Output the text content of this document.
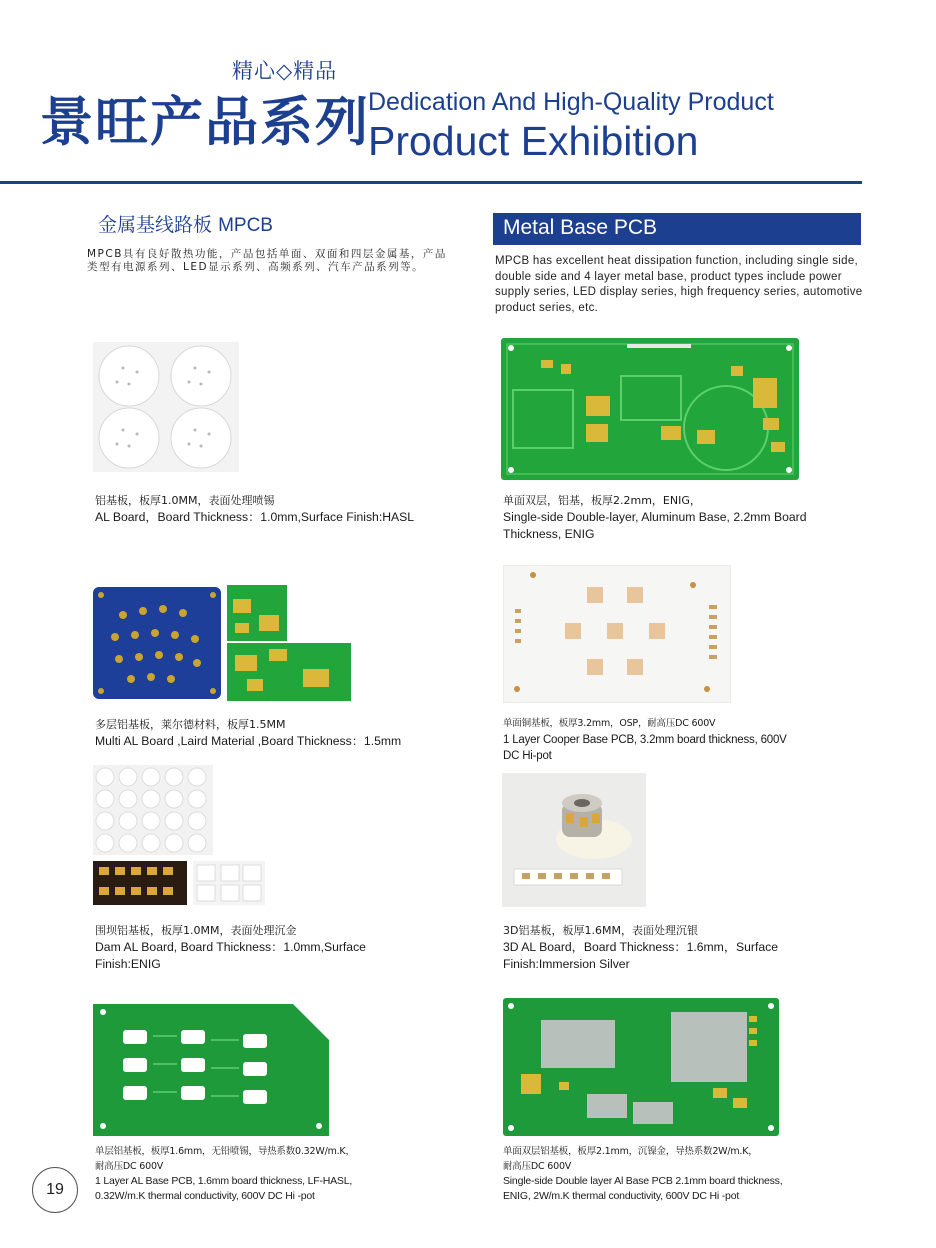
精心◇精品
景旺产品系列
Dedication And High-Quality Product
Product Exhibition
金属基线路板 MPCB
MPCB具有良好散热功能，产品包括单面、双面和四层金属基，产品类型有电源系列、LED显示系列、高频系列、汽车产品系列等。
Metal Base PCB
MPCB has excellent heat dissipation function, including single side, double side and 4 layer metal base, product types include power supply series, LED display series, high frequency series, automotive product series, etc.
铝基板，板厚1.0MM，表面处理喷锡
AL Board，Board Thickness：1.0mm,Surface Finish:HASL
单面双层，铝基，板厚2.2mm，ENIG，
Single-side Double-layer, Aluminum Base, 2.2mm Board Thickness, ENIG
多层铝基板，莱尔德材料，板厚1.5MM
Multi AL Board ,Laird Material ,Board Thickness：1.5mm
单面铜基板，板厚3.2mm，OSP，耐高压DC 600V
1 Layer Cooper Base PCB, 3.2mm board thickness, 600V DC Hi-pot
围坝铝基板，板厚1.0MM，表面处理沉金
Dam AL Board, Board Thickness：1.0mm,Surface Finish:ENIG
3D铝基板，板厚1.6MM，表面处理沉银
3D AL Board，Board Thickness：1.6mm，Surface Finish:Immersion Silver
单层铝基板，板厚1.6mm，无铅喷锡，导热系数0.32W/m.K，
耐高压DC 600V
1 Layer AL Base PCB, 1.6mm board thickness, LF-HASL,
0.32W/m.K thermal conductivity, 600V DC Hi -pot
单面双层铝基板，板厚2.1mm，沉镍金，导热系数2W/m.K，
耐高压DC 600V
Single-side Double layer Al Base PCB 2.1mm board thickness,
ENIG, 2W/m.K thermal conductivity, 600V DC Hi -pot
19
